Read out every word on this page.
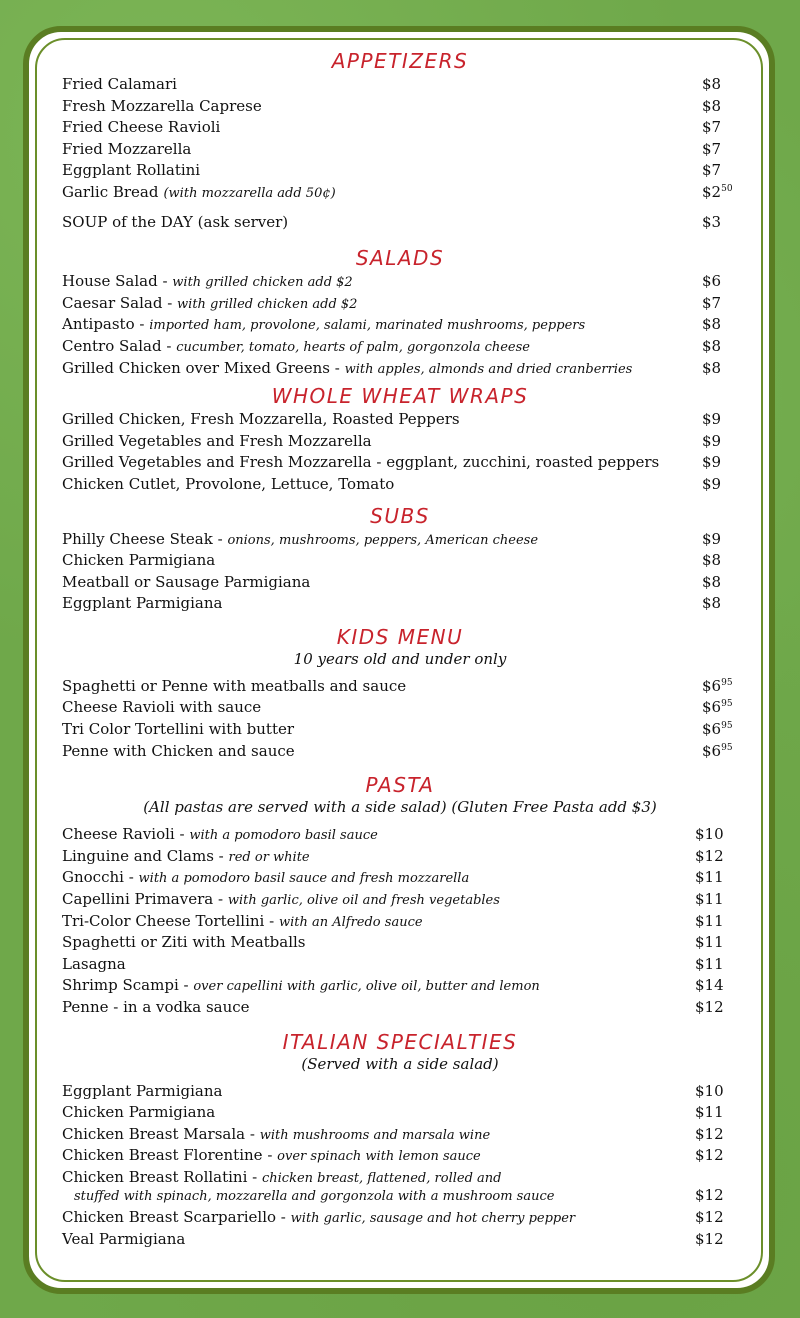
APPETIZERS
Fried Calamari	$8
Fresh Mozzarella Caprese	$8
Fried Cheese Ravioli	$7
Fried Mozzarella	$7
Eggplant Rollatini	$7
Garlic Bread (with mozzarella add 50¢)	$\$2^{50}$
SOUP of the DAY (ask server)	$3
SALADS
House Salad - with grilled chicken add $2	$6
Caesar Salad - with grilled chicken add $2	$7
Antipasto - imported ham, provolone, salami, marinated mushrooms, peppers	$8
Centro Salad - cucumber, tomato, hearts of palm, gorgonzola cheese	$8
Grilled Chicken over Mixed Greens - with apples, almonds and dried cranberries	$8
WHOLE WHEAT WRAPS
Grilled Chicken, Fresh Mozzarella, Roasted Peppers	$9
Grilled Vegetables and Fresh Mozzarella	$9
Grilled Vegetables and Fresh Mozzarella - eggplant, zucchini, roasted peppers	$9
Chicken Cutlet, Provolone, Lettuce, Tomato	$9
SUBS
Philly Cheese Steak - onions, mushrooms, peppers, American cheese	$9
Chicken Parmigiana	$8
Meatball or Sausage Parmigiana	$8
Eggplant Parmigiana	$8
KIDS MENU
10 years old and under only
Spaghetti or Penne with meatballs and sauce	$\$6^{95}$
Cheese Ravioli with sauce	$\$6^{95}$
Tri Color Tortellini with butter	$\$6^{95}$
Penne with Chicken and sauce	$\$6^{95}$
PASTA
(All pastas are served with a side salad) (Gluten Free Pasta add $3)
Cheese Ravioli - with a pomodoro basil sauce	$10
Linguine and Clams - red or white	$12
Gnocchi - with a pomodoro basil sauce and fresh mozzarella	$11
Capellini Primavera - with garlic, olive oil and fresh vegetables	$11
Tri-Color Cheese Tortellini - with an Alfredo sauce	$11
Spaghetti or Ziti with Meatballs	$11
Lasagna	$11
Shrimp Scampi - over capellini with garlic, olive oil, butter and lemon	$14
Penne - in a vodka sauce	$12
ITALIAN SPECIALTIES
(Served with a side salad)
Eggplant Parmigiana	$10
Chicken Parmigiana	$11
Chicken Breast Marsala - with mushrooms and marsala wine	$12
Chicken Breast Florentine - over spinach with lemon sauce	$12
Chicken Breast Rollatini - chicken breast, flattened, rolled and
stuffed with spinach, mozzarella and gorgonzola with a mushroom sauce	$12
Chicken Breast Scarpariello - with garlic, sausage and hot cherry pepper	$12
Veal Parmigiana	$12
